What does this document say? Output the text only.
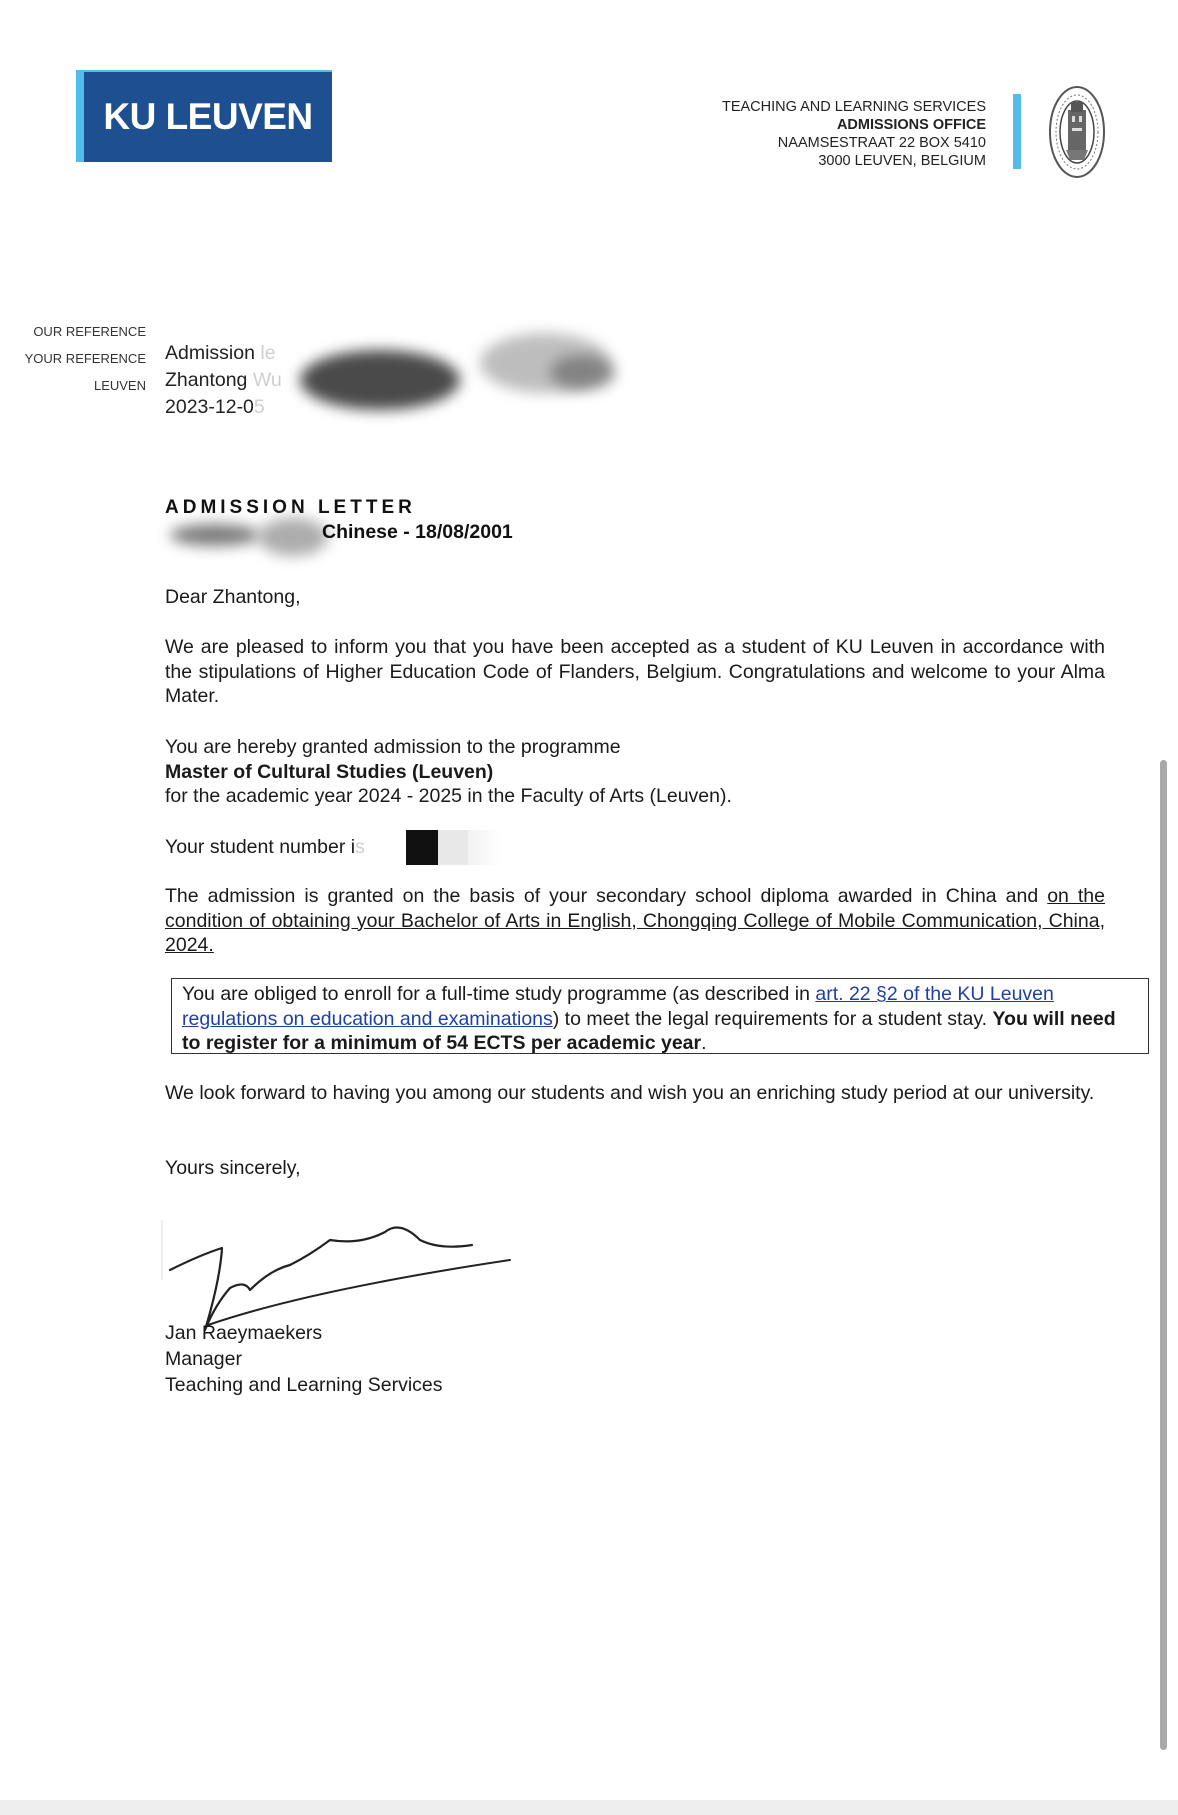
KU LEUVEN	TEACHING AND LEARNING SERVICES
ADMISSIONS OFFICE
NAAMSESTRAAT 22 BOX 5410
3000 LEUVEN, BELGIUM
OUR REFERENCE
YOUR REFERENCE
LEUVEN
Admission le
Zhantong Wu
2023-12-05
ADMISSION LETTER
Chinese - 18/08/2001
Dear Zhantong,
We are pleased to inform you that you have been accepted as a student of KU Leuven in accordance with the stipulations of Higher Education Code of Flanders, Belgium. Congratulations and welcome to your Alma Mater.
You are hereby granted admission to the programme
Master of Cultural Studies (Leuven)
for the academic year 2024 - 2025 in the Faculty of Arts (Leuven).
Your student number is
The admission is granted on the basis of your secondary school diploma awarded in China and on the condition of obtaining your Bachelor of Arts in English, Chongqing College of Mobile Communication, China, 2024.
You are obliged to enroll for a full-time study programme (as described in art. 22 §2 of the KU Leuven regulations on education and examinations) to meet the legal requirements for a student stay. You will need to register for a minimum of 54 ECTS per academic year.
We look forward to having you among our students and wish you an enriching study period at our university.
Yours sincerely,
Jan Raeymaekers
Manager
Teaching and Learning Services
